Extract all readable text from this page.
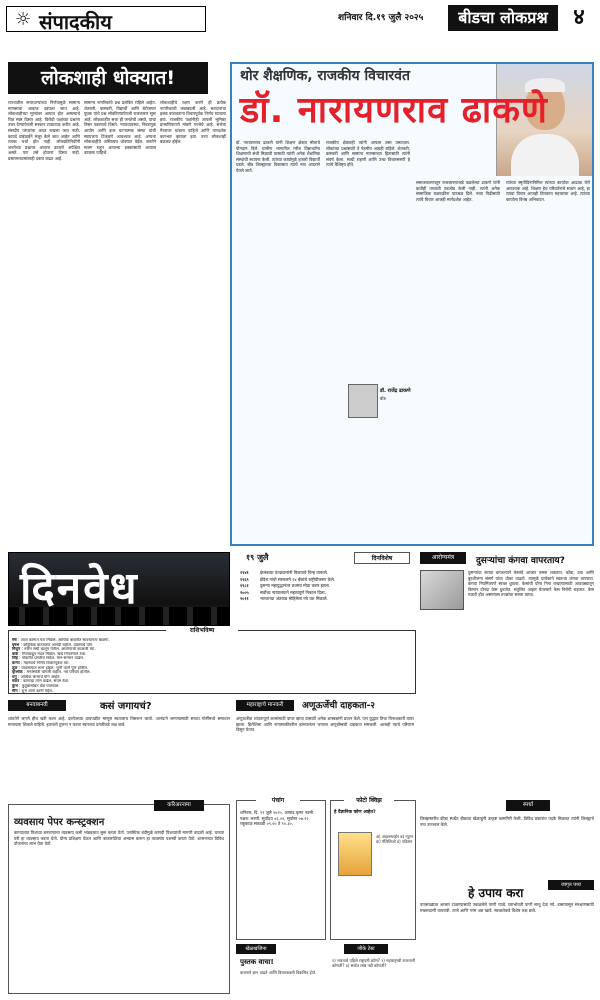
☼ संपादकीय	शनिवार दि.१९ जुलै २०२५	बीडचा लोकप्रश्न	४
लोकशाही धोक्यात!
राज्यातील सत्ताधाऱ्यांच्या निर्णयामुळे सामान्य माणसाचा आवाज दडपला जात आहे. लोकशाहीच्या मूल्यांवर आघात होत असल्याचे चित्र स्पष्ट दिसत आहे. विरोधी पक्षांच्या प्रश्नांना उत्तर देण्याऐवजी सरकार टाळाटाळ करीत आहे. संसदीय परंपरांचा आदर राखला जात नाही. कायदे घाईघाईने मंजूर केले जात आहेत आणि त्यावर चर्चा होत नाही. लोकप्रतिनिधींनी जनतेच्या प्रश्नांवर आवाज उठवणे अपेक्षित असते. पण तसे होताना दिसत नाही. प्रसारमाध्यमांवरही दबाव वाढत आहे.
सामान्य नागरिकांचे प्रश्न प्रलंबित राहिले आहेत. शेतकरी, कष्टकरी, विद्यार्थी आणि बेरोजगार युवक यांचे प्रश्न सोडविण्याऐवजी राजकारण सुरू आहे. लोकशाहीत सत्ता ही जनतेची असते, याचा विसर पडल्याचे दिसते. न्यायव्यवस्था, निवडणूक आयोग आणि इतर घटनात्मक संस्था यांची स्वायत्तता टिकवणे आवश्यक आहे. अन्यथा लोकशाहीचे अस्तित्वच धोक्यात येईल. जनतेने सजग राहून आपल्या हक्कांसाठी आवाज उठवला पाहिजे.
लोकशाहीचे रक्षण करणे ही प्रत्येक नागरिकाची जबाबदारी आहे. मतदानाचा हक्क बजावताना विचारपूर्वक निर्णय घ्यायला हवा. राजकीय पक्षांनीही आपली भूमिका प्रामाणिकपणे मांडणे गरजेचे आहे. सत्तेचा गैरवापर थांबला पाहिजे आणि पारदर्शक कारभार व्हायला हवा. तरच लोकशाही बळकट होईल.
थोर शैक्षणिक, राजकीय विचारवंत
डॉ. नारायणराव ढाकणे
डॉ. नारायणराव ढाकणे यांनी शिक्षण क्षेत्रात मोलाचे योगदान दिले. ग्रामीण भागातील गरीब विद्यार्थ्यांना शिक्षणाची संधी मिळावी यासाठी त्यांनी अनेक शैक्षणिक संस्थांची स्थापना केली. त्यांच्या कार्यामुळे हजारो विद्यार्थी घडले. बीड जिल्ह्याच्या विकासात त्यांचे नाव आदराने घेतले जाते.
राजकीय क्षेत्रातही त्यांनी आपला ठसा उमटवला. लोकांच्या प्रश्नांसाठी ते नेहमीच आग्रही राहिले. शेतकरी, कष्टकरी आणि सामान्य माणसाच्या हितासाठी त्यांनी संघर्ष केला. साधी राहणी आणि उच्च विचारसरणी हे त्यांचे वैशिष्ट्य होते.
समाजकारणातून राजकारणाकडे वळलेल्या ढाकणे यांनी कधीही तत्त्वांशी तडजोड केली नाही. त्यांनी अनेक सामाजिक चळवळींना पाठबळ दिले. नव्या पिढीसाठी त्यांचे विचार आजही मार्गदर्शक आहेत.
त्यांच्या स्मृतीदिनानिमित्त त्यांच्या कार्याचा आढावा घेणे आवश्यक आहे. शिक्षण हेच परिवर्तनाचे साधन आहे, हा त्यांचा विचार आजही तितकाच महत्त्वाचा आहे. त्यांच्या कार्याला विनम्र अभिवादन.
डॉ. राजेंद्र ढाकणे
बीड
दिनवेध
१९ जुलै	दिनविशेष
१९४१	इंग्लंडच्या पंतप्रधानांनी विजयाचे चिन्ह वापरले.
१९६९	इंदिरा गांधी सरकारने १४ बँकांचे राष्ट्रीयीकरण केले.
१९८१	दुसऱ्या महायुद्धानंतर प्रथमच मोठा करार झाला.
२००५	सर्वोच्च न्यायालयाने महत्त्वपूर्ण निकाल दिला.
२०११	भारताच्या अंतराळ मोहिमेला नवे यश मिळाले.
आरोग्यमंत्र	दुसऱ्यांचा कंगवा वापरताय?
दुसऱ्यांचा कंगवा वापरल्याने केसांचे आजार पसरू शकतात. कोंडा, उवा आणि बुरशीजन्य संसर्ग यांचा धोका वाढतो. त्यामुळे प्रत्येकाने स्वतःचा कंगवा वापरावा. कंगवा नियमितपणे स्वच्छ धुवावा. केसांची योग्य निगा राखण्यासाठी आठवड्यातून किमान दोनदा केस धुवावेत. संतुलित आहार घेतल्याने केस निरोगी राहतात. केस गळती होत असल्यास तज्ज्ञांचा सल्ला घ्यावा.
राशिभविष्य
मेष : आज कामात यश मिळेल. आर्थिक बाबतीत सावधानता बाळगा.
वृषभ : कौटुंबिक वातावरण आनंदी राहील. प्रवासाचे योग.
मिथुन : नवीन संधी चालून येतील. आरोग्याची काळजी घ्या.
कर्क : मित्रांकडून मदत मिळेल. खर्च नियंत्रणात ठेवा.
सिंह : नोकरीत प्रगतीचे संकेत. मान-सन्मान वाढेल.
कन्या : महत्त्वाचे निर्णय विचारपूर्वक घ्या.
तूळ : व्यवसायात लाभ होईल. जुनी कामे पूर्ण होतील.
वृश्चिक : मनःस्थिती चांगली राहील. नवे परिचय होतील.
धनु : आर्थिक लाभाचे योग आहेत.
मकर : कामाचा ताण वाढेल. संयम ठेवा.
कुंभ : कुटुंबासोबत वेळ घालवाल.
मीन : शुभ वार्ता कानी येईल.
बनवाबनवी	कसं जगायचं?
शांततेने जगणे हीच खरी कला आहे. दररोजच्या धावपळीत माणूस स्वतःलाच विसरून जातो. आनंदाने जगण्यासाठी साध्या गोष्टींमध्ये समाधान मानायला शिकले पाहिजे. इतरांशी तुलना न करता स्वतःच्या प्रगतीकडे लक्ष द्यावे.
महाराष्ट्राचे मानकरी	अणूऊर्जेची दाहकता-२
अणुऊर्जेचा शांततापूर्ण कामांसाठी वापर व्हावा यासाठी अनेक शास्त्रज्ञांनी प्रयत्न केले. पण युद्धात तिचा विनाशकारी वापर झाला. हिरोशिमा आणि नागासाकीवरील हल्ल्यानंतर जगाला अणुबॉम्बची दाहकता समजली. आजही त्याचे परिणाम दिसून येतात.
करिअरनामा
व्यवसाय पेपर कन्स्ट्रक्शन
कागदाच्या पिशव्या बनवण्याचा व्यवसाय कमी भांडवलात सुरू करता येतो. प्लास्टिक बंदीमुळे कागदी पिशव्यांची मागणी वाढली आहे. घरच्या घरी हा व्यवसाय करता येतो. योग्य प्रशिक्षण घेऊन आणि बाजारपेठेचा अभ्यास करून हा व्यवसाय यशस्वी करता येतो. शासनाच्या विविध योजनांचा लाभ घेता येतो.
पंचांग
शनिवार, दि. १९ जुलै २०२५. आषाढ कृष्ण नवमी. नक्षत्र: भरणी. सूर्योदय ०६.०२, सूर्यास्त ०७.१२. राहुकाळ सकाळी ०९.०० ते १०.३०.
फोटो क्विझ
हे वैज्ञानिक कोण आहेत?
अ) आइनस्टाईन ब) न्यूटन क) गॅलिलिओ ड) एडिसन
स्पर्धा
जिल्हास्तरीय क्रीडा स्पर्धेत बीडच्या खेळाडूंनी उत्कृष्ट कामगिरी केली. विविध प्रकारांत पदके मिळवत त्यांनी जिल्ह्याचे नाव उज्ज्वल केले.
खेळखजिना
पुस्तक वाचा!
वाचनाने ज्ञान वाढते आणि विचारशक्ती विकसित होते.
जीके टेस्ट
१) भारताचे पहिले राष्ट्रपती कोण? २) महाराष्ट्राची राजधानी कोणती? ३) सर्वात लांब नदी कोणती?
जागृत पथ्य
हे उपाय करा
पावसाळ्यात आजार टाळण्यासाठी उकळलेले पाणी प्यावे. घराभोवती पाणी साचू देऊ नये. डासांपासून संरक्षणासाठी मच्छरदाणी वापरावी. ताजे आणि गरम अन्न खावे. स्वच्छतेकडे विशेष लक्ष द्यावे.
